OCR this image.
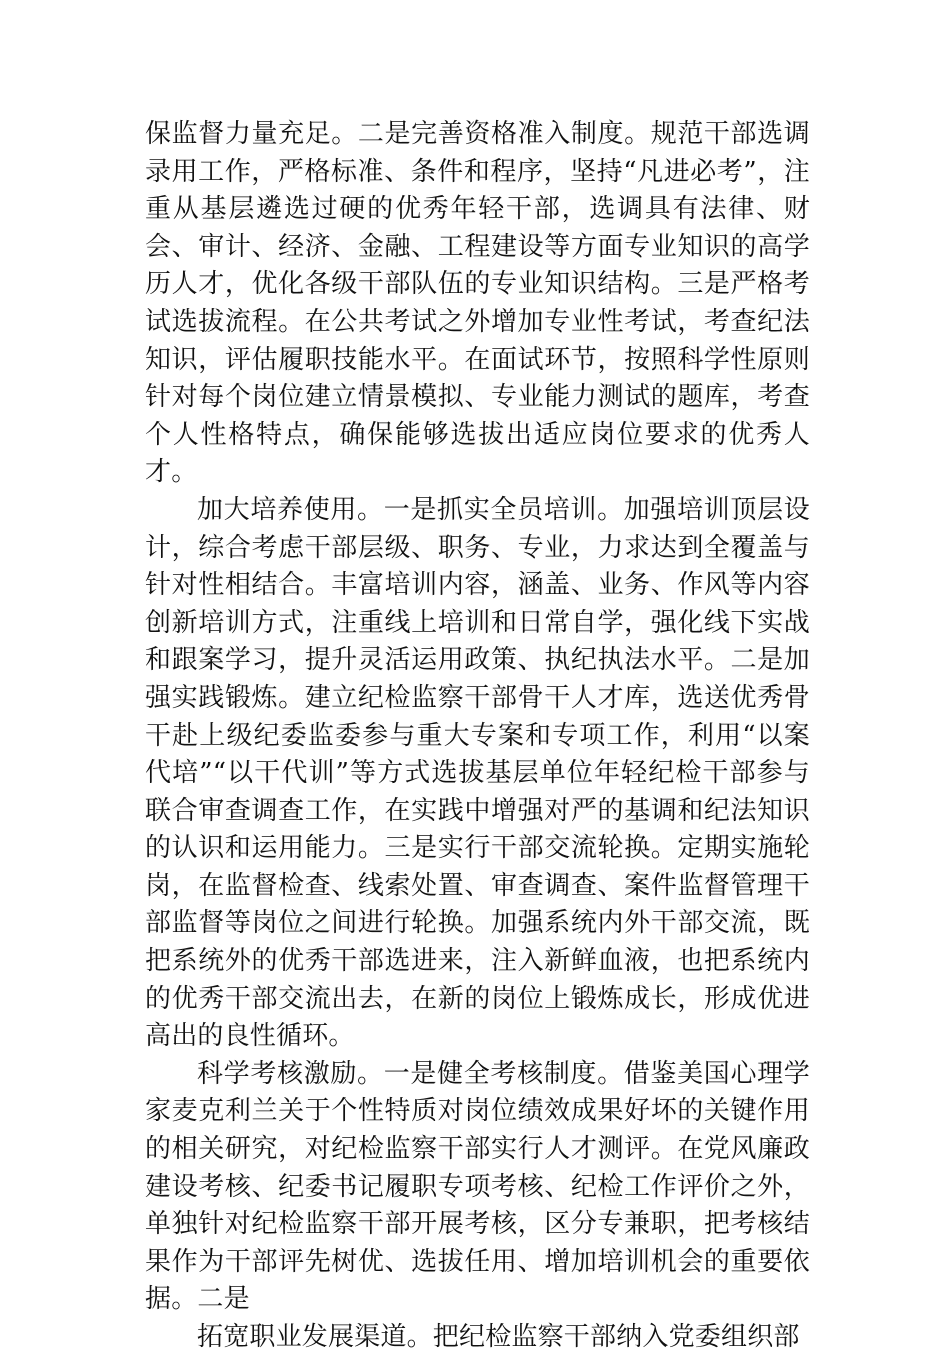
保监督力量充足。二是完善资格准入制度。规范干部选调录用工作，严格标准、条件和程序，坚持“凡进必考”，注重从基层遴选过硬的优秀年轻干部，选调具有法律、财会、审计、经济、金融、工程建设等方面专业知识的高学历人才，优化各级干部队伍的专业知识结构。三是严格考试选拔流程。在公共考试之外增加专业性考试，考查纪法知识，评估履职技能水平。在面试环节，按照科学性原则针对每个岗位建立情景模拟、专业能力测试的题库，考查个人性格特点，确保能够选拔出适应岗位要求的优秀人才。

加大培养使用。一是抓实全员培训。加强培训顶层设计，综合考虑干部层级、职务、专业，力求达到全覆盖与针对性相结合。丰富培训内容，涵盖、业务、作风等内容创新培训方式，注重线上培训和日常自学，强化线下实战和跟案学习，提升灵活运用政策、执纪执法水平。二是加强实践锻炼。建立纪检监察干部骨干人才库，选送优秀骨干赴上级纪委监委参与重大专案和专项工作，利用“以案代培”“以干代训”等方式选拔基层单位年轻纪检干部参与联合审查调查工作，在实践中增强对严的基调和纪法知识的认识和运用能力。三是实行干部交流轮换。定期实施轮岗，在监督检查、线索处置、审查调查、案件监督管理干部监督等岗位之间进行轮换。加强系统内外干部交流，既把系统外的优秀干部选进来，注入新鲜血液，也把系统内的优秀干部交流出去，在新的岗位上锻炼成长，形成优进高出的良性循环。

科学考核激励。一是健全考核制度。借鉴美国心理学家麦克利兰关于个性特质对岗位绩效成果好坏的关键作用的相关研究，对纪检监察干部实行人才测评。在党风廉政建设考核、纪委书记履职专项考核、纪检工作评价之外，单独针对纪检监察干部开展考核，区分专兼职，把考核结果作为干部评先树优、选拔任用、增加培训机会的重要依据。二是

拓宽职业发展渠道。把纪检监察干部纳入党委组织部
